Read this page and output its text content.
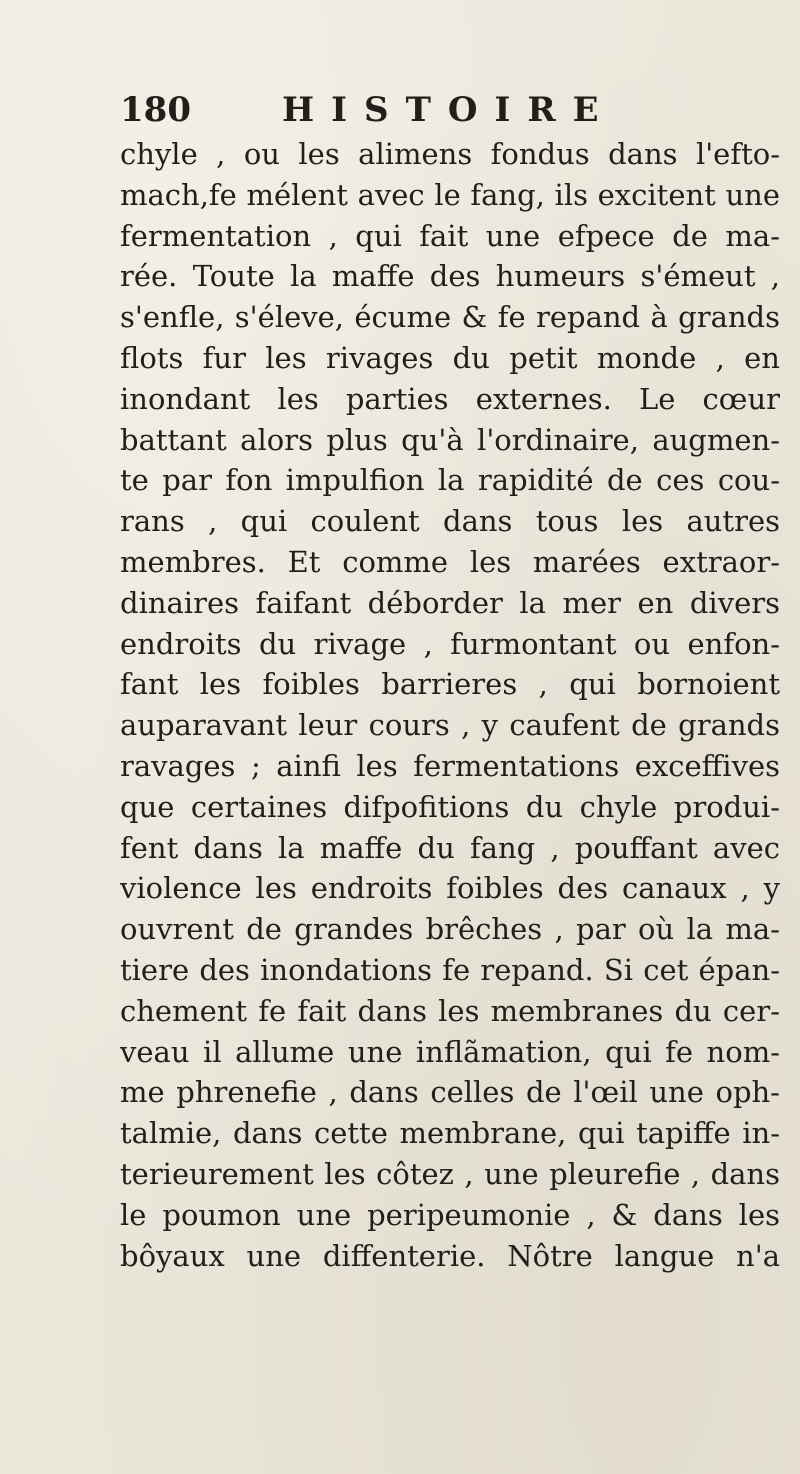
180	HISTOIRE
chyle , ou les alimens fondus dans l'efto-
mach,fe mélent avec le fang, ils excitent une
fermentation , qui fait une efpece de ma-
rée. Toute la maffe des humeurs s'émeut ,
s'enfle, s'éleve, écume & fe repand à grands
flots fur les rivages du petit monde , en
inondant les parties externes. Le cœur
battant alors plus qu'à l'ordinaire, augmen-
te par fon impulfion la rapidité de ces cou-
rans , qui coulent dans tous les autres
membres. Et comme les marées extraor-
dinaires faifant déborder la mer en divers
endroits du rivage , furmontant ou enfon-
fant les foibles barrieres , qui bornoient
auparavant leur cours , y caufent de grands
ravages ; ainfi les fermentations exceffives
que certaines difpofitions du chyle produi-
fent dans la maffe du fang , pouffant avec
violence les endroits foibles des canaux , y
ouvrent de grandes brêches , par où la ma-
tiere des inondations fe repand. Si cet épan-
chement fe fait dans les membranes du cer-
veau il allume une inflãmation, qui fe nom-
me phrenefie , dans celles de l'œil une oph-
talmie, dans cette membrane, qui tapiffe in-
terieurement les côtez , une pleurefie , dans
le poumon une peripeumonie , & dans les
bôyaux une diffenterie. Nôtre langue n'a
